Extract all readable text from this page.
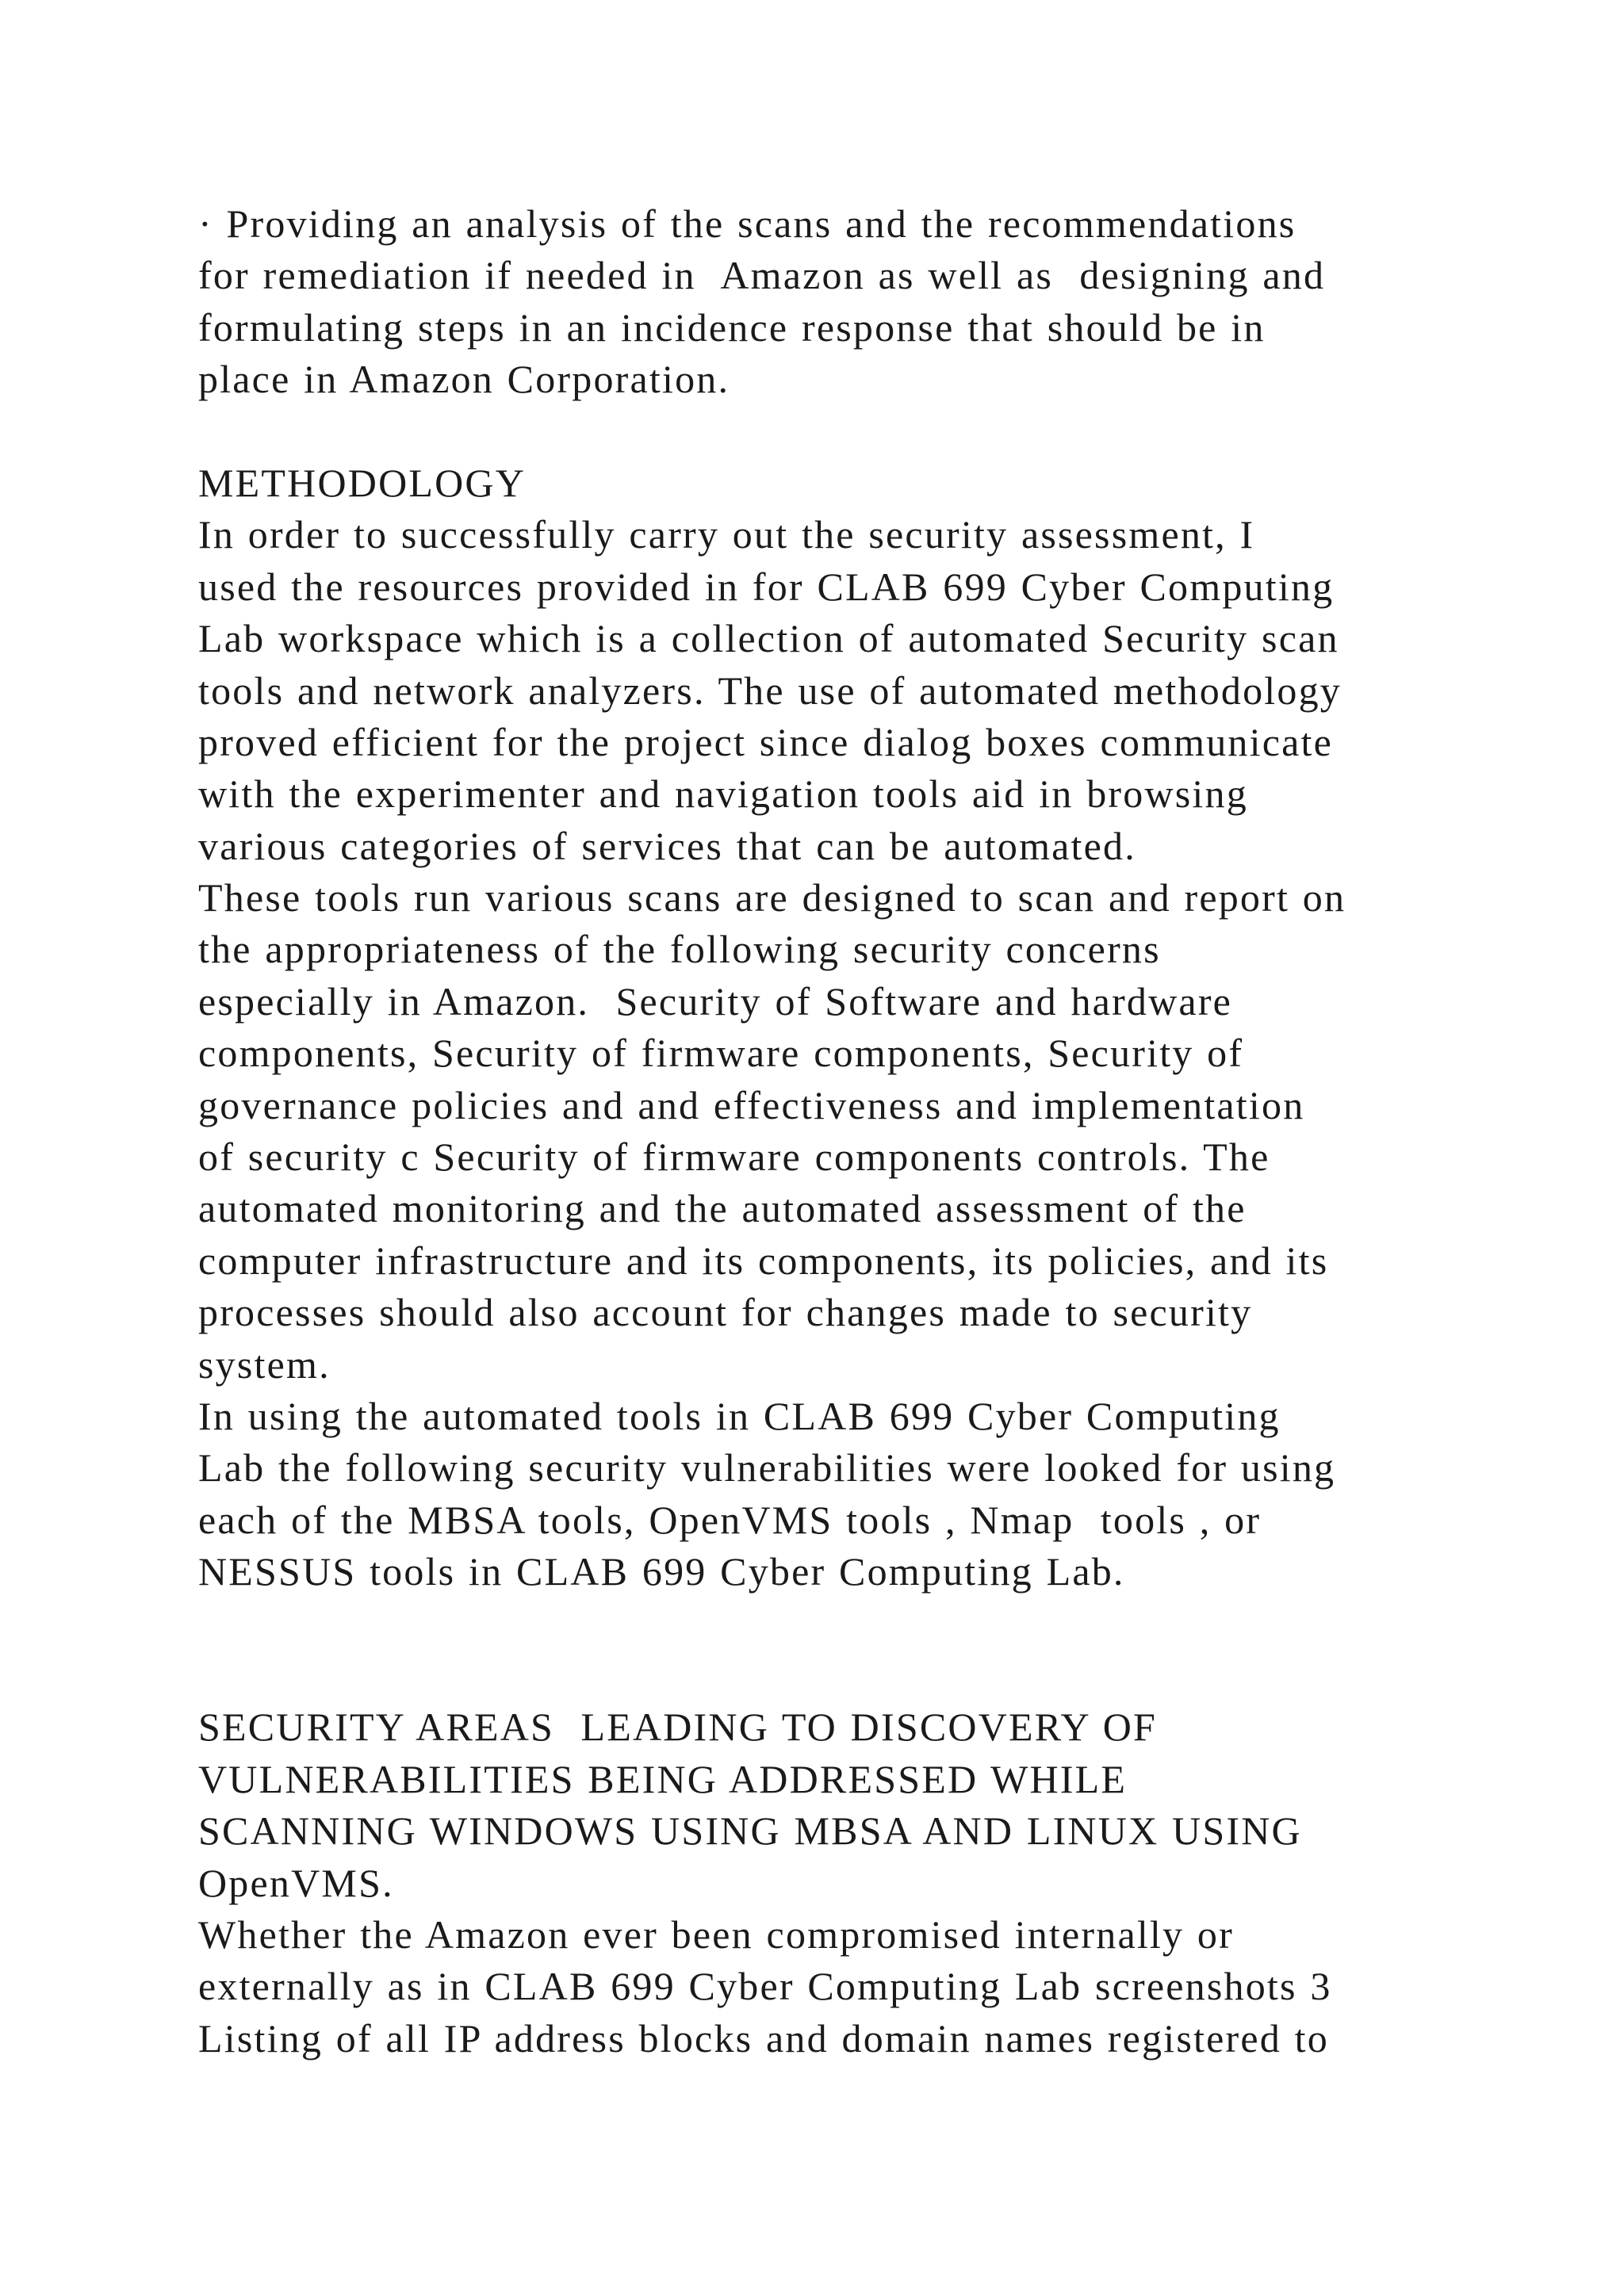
· Providing an analysis of the scans and the recommendations
for remediation if needed in  Amazon as well as  designing and
formulating steps in an incidence response that should be in
place in Amazon Corporation.
METHODOLOGY
In order to successfully carry out the security assessment, I
used the resources provided in for CLAB 699 Cyber Computing
Lab workspace which is a collection of automated Security scan
tools and network analyzers. The use of automated methodology
proved efficient for the project since dialog boxes communicate
with the experimenter and navigation tools aid in browsing
various categories of services that can be automated.
These tools run various scans are designed to scan and report on
the appropriateness of the following security concerns
especially in Amazon.  Security of Software and hardware
components, Security of firmware components, Security of
governance policies and and effectiveness and implementation
of security c Security of firmware components controls. The
automated monitoring and the automated assessment of the
computer infrastructure and its components, its policies, and its
processes should also account for changes made to security
system.
In using the automated tools in CLAB 699 Cyber Computing
Lab the following security vulnerabilities were looked for using
each of the MBSA tools, OpenVMS tools , Nmap  tools , or
NESSUS tools in CLAB 699 Cyber Computing Lab.
SECURITY AREAS  LEADING TO DISCOVERY OF
VULNERABILITIES BEING ADDRESSED WHILE
SCANNING WINDOWS USING MBSA AND LINUX USING
OpenVMS.
Whether the Amazon ever been compromised internally or
externally as in CLAB 699 Cyber Computing Lab screenshots 3
Listing of all IP address blocks and domain names registered to
